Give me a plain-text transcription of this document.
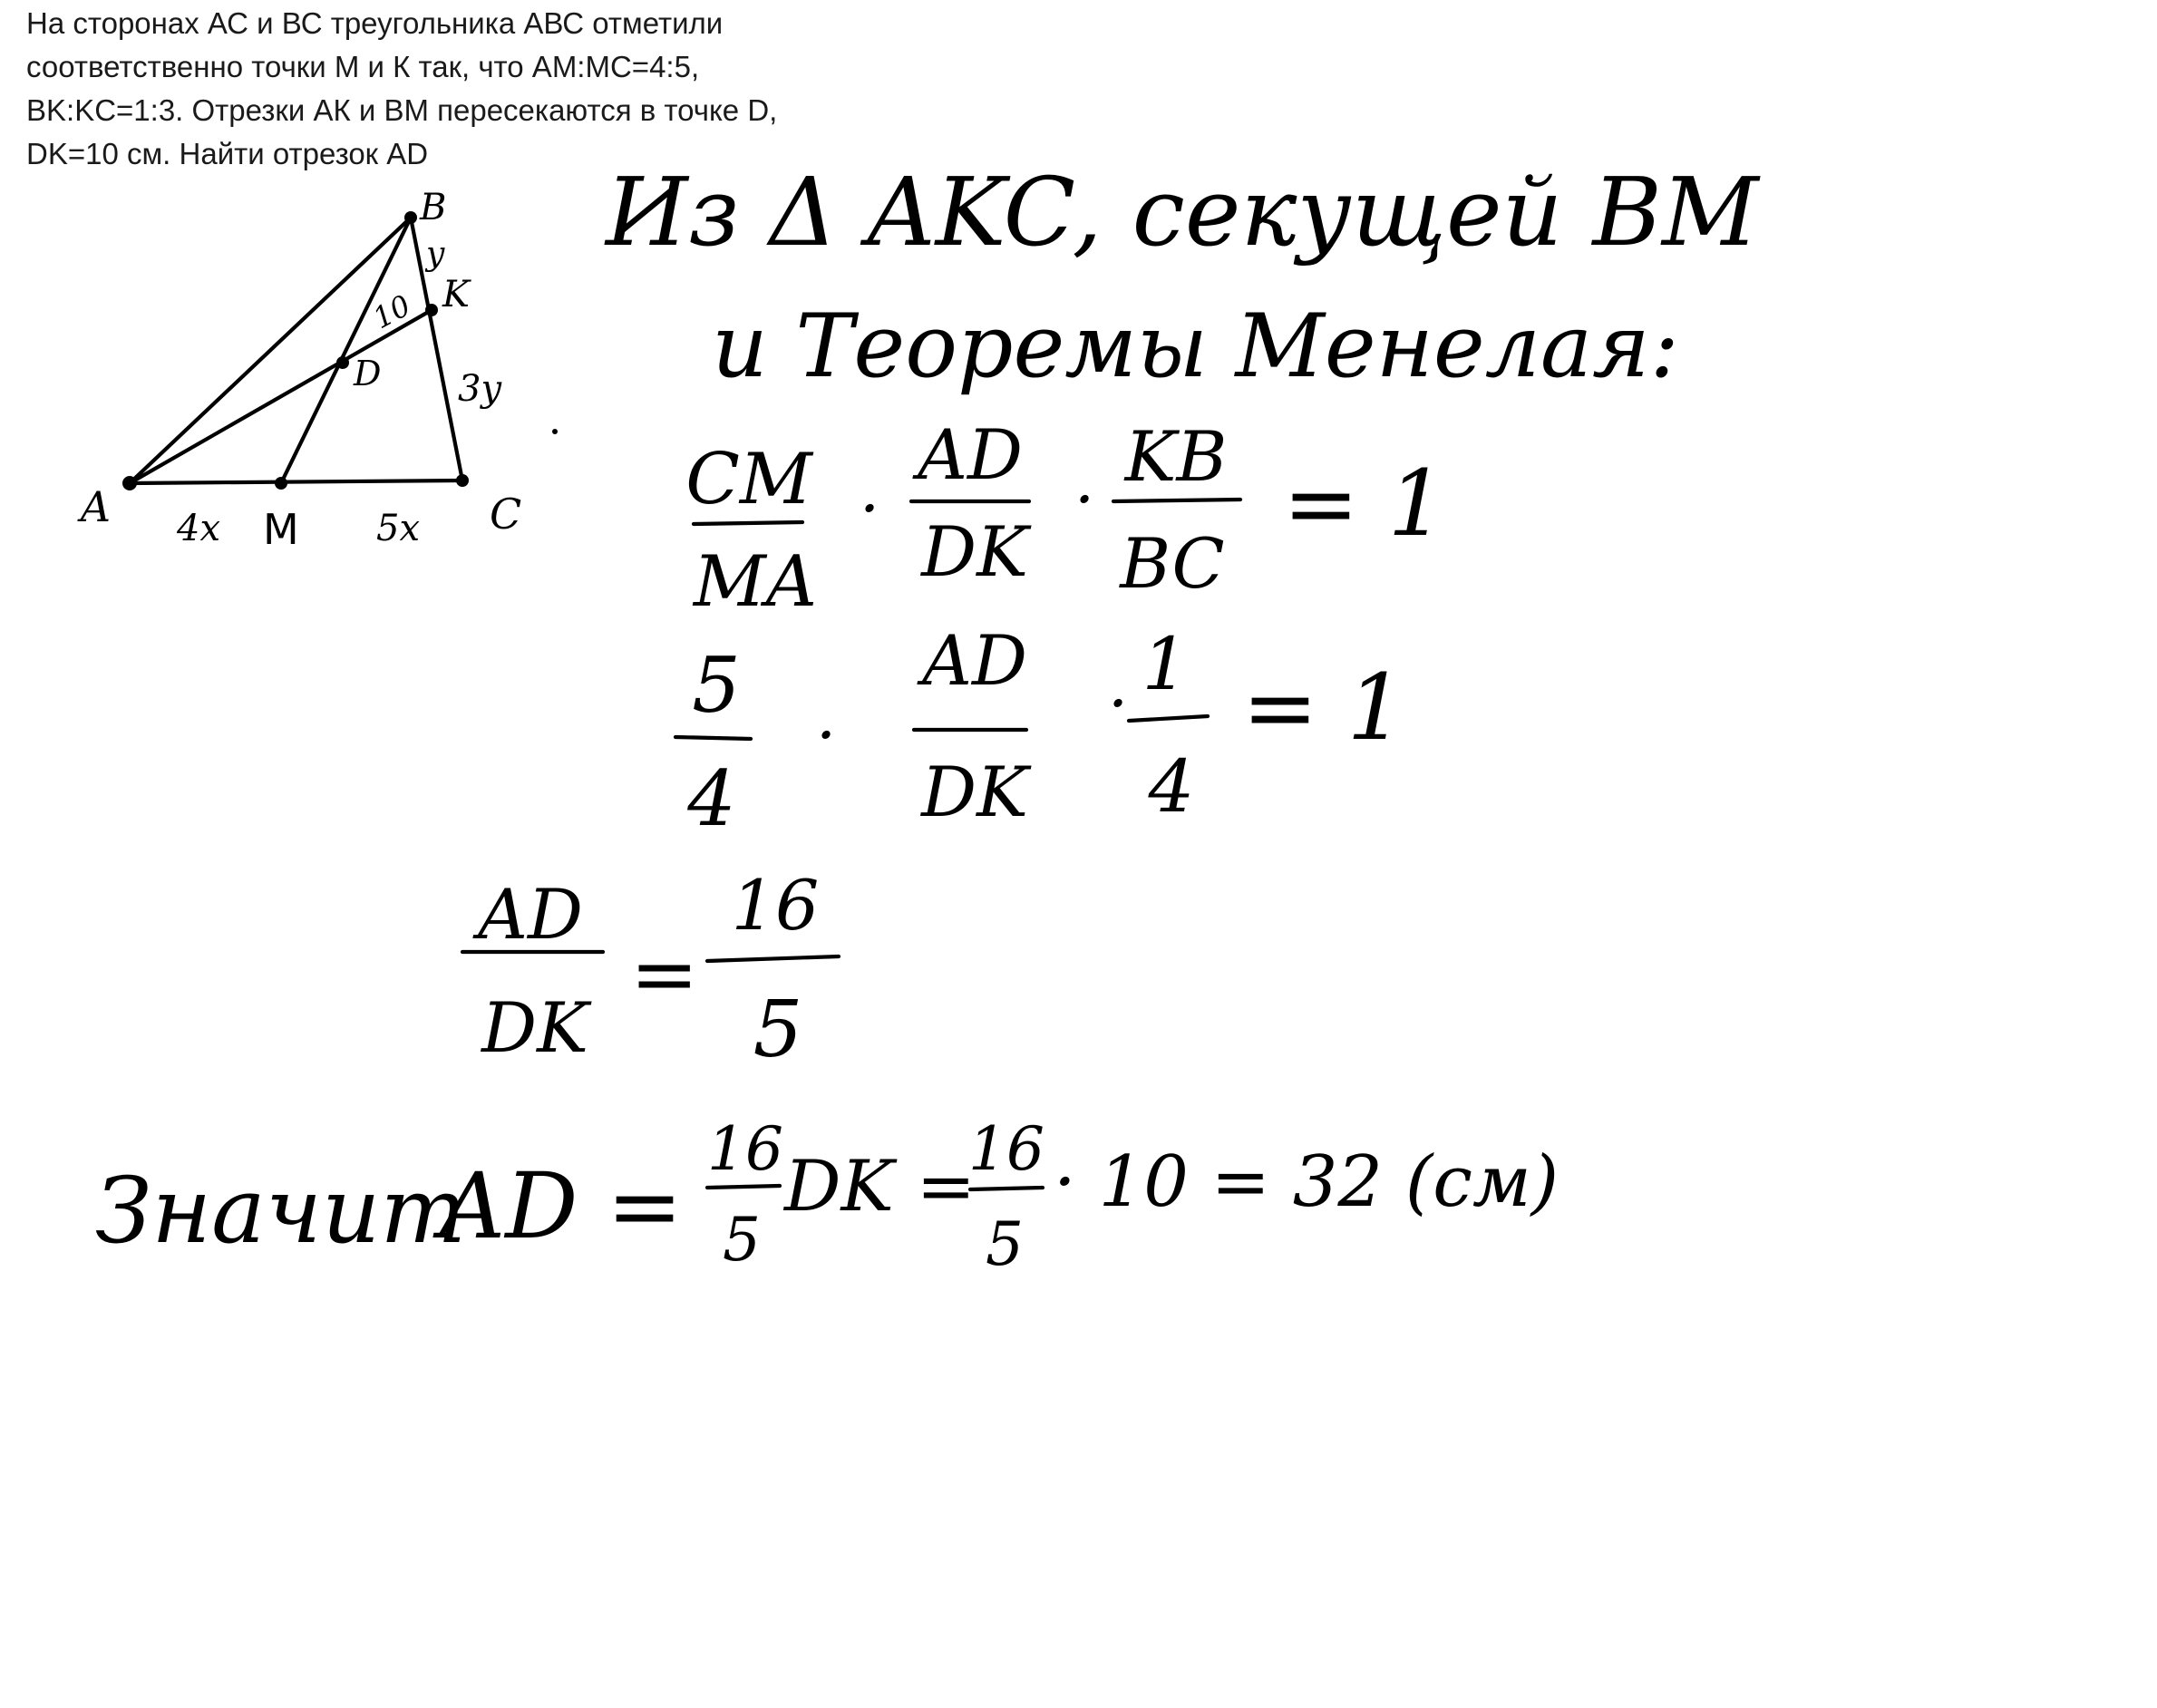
На сторонах АС и ВС треугольника АВС отметили

соответственно точки М и К так, что AM:MC=4:5,

BK:KC=1:3. Отрезки АК и ВМ пересекаются в точке D,

DK=10 см. Найти отрезок AD

А
B
C
M
K
D
y
3y
4x	5x
10
Из Δ AKC, секущей BM
и Теоремы Менелая:
CM
MA
·
AD
DK
·
KB
BC
= 1
5
4
·
AD
DK
· 1
4
= 1
AD
DK
=
16
5
Значит
AD =
16
5
DK =
16
5
· 10 = 32 (см)
